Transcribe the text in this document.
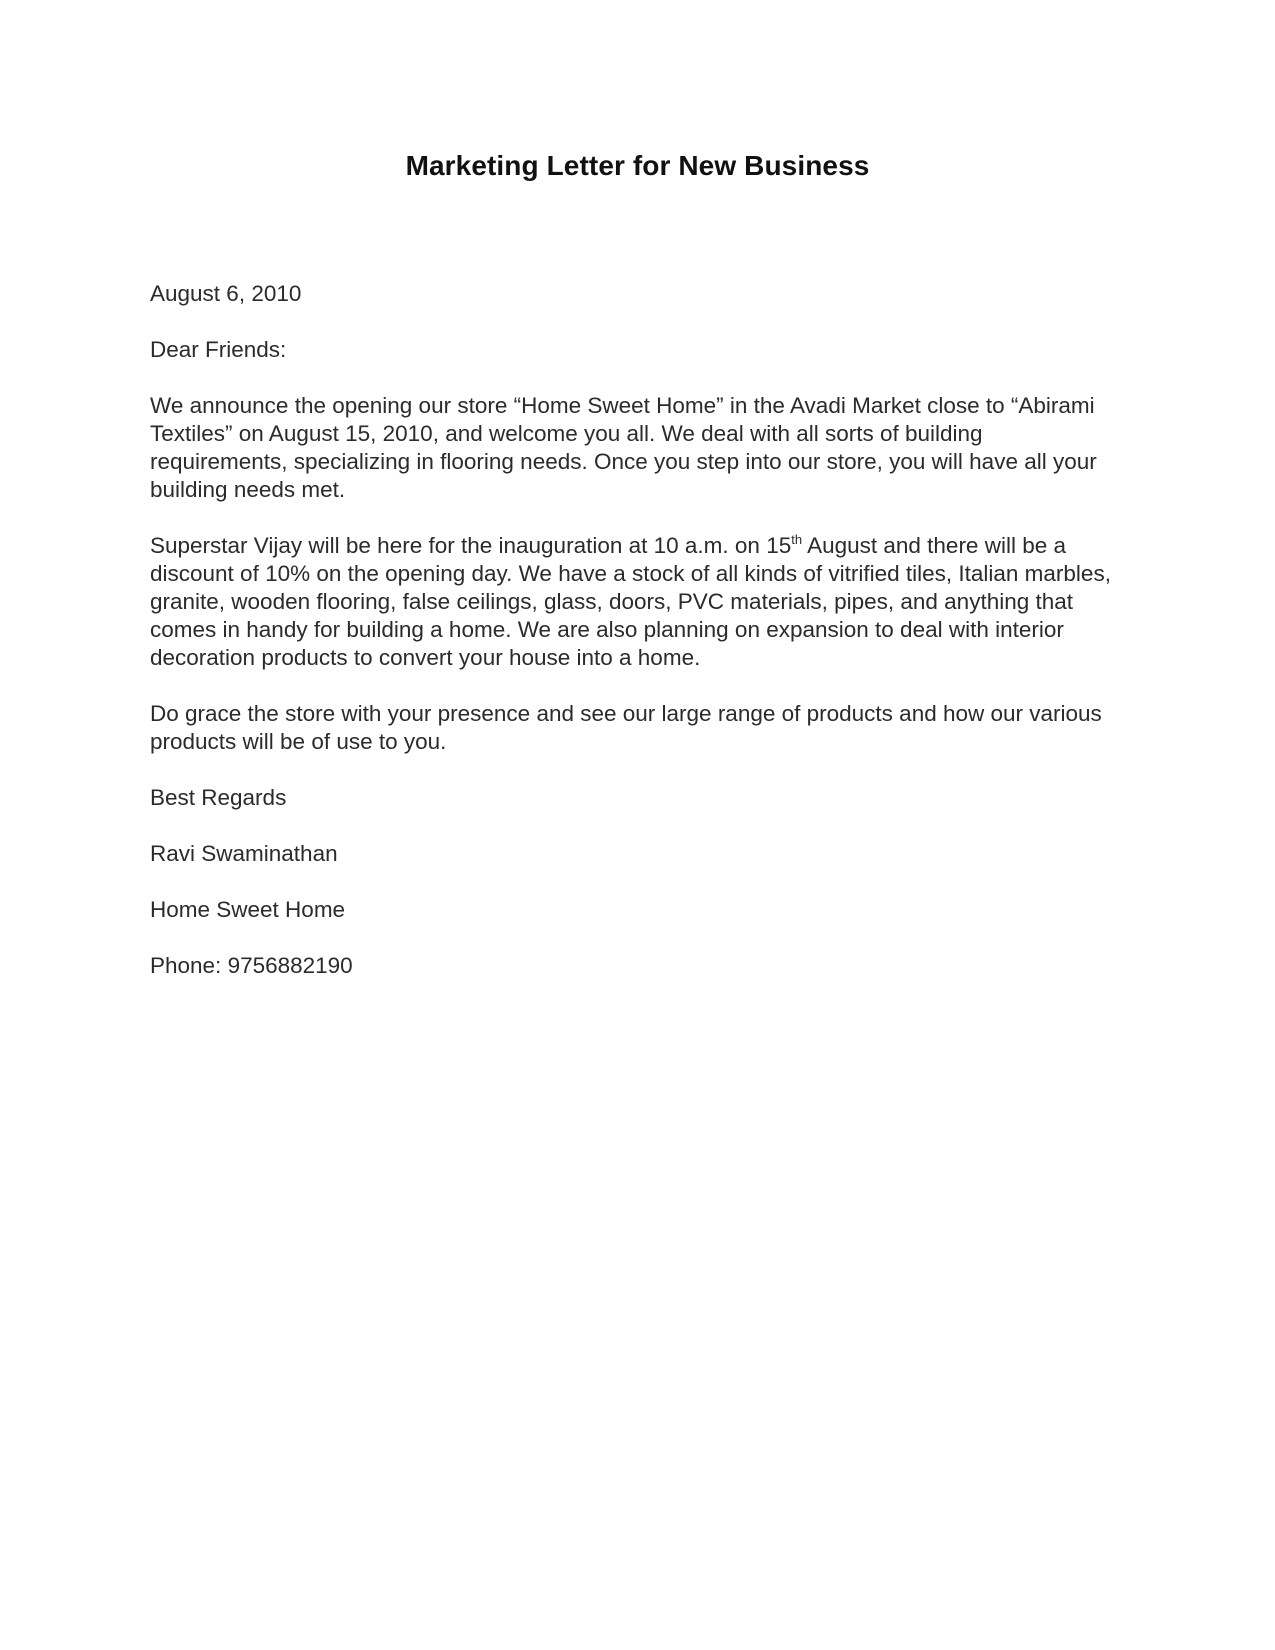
Marketing Letter for New Business

August 6, 2010

Dear Friends:

We announce the opening our store “Home Sweet Home” in the Avadi Market close to “Abirami Textiles” on August 15, 2010, and welcome you all. We deal with all sorts of building requirements, specializing in flooring needs. Once you step into our store, you will have all your building needs met.

Superstar Vijay will be here for the inauguration at 10 a.m. on 15th August and there will be a discount of 10% on the opening day. We have a stock of all kinds of vitrified tiles, Italian marbles, granite, wooden flooring, false ceilings, glass, doors, PVC materials, pipes, and anything that comes in handy for building a home. We are also planning on expansion to deal with interior decoration products to convert your house into a home.

Do grace the store with your presence and see our large range of products and how our various products will be of use to you.

Best Regards

Ravi Swaminathan

Home Sweet Home

Phone: 9756882190
